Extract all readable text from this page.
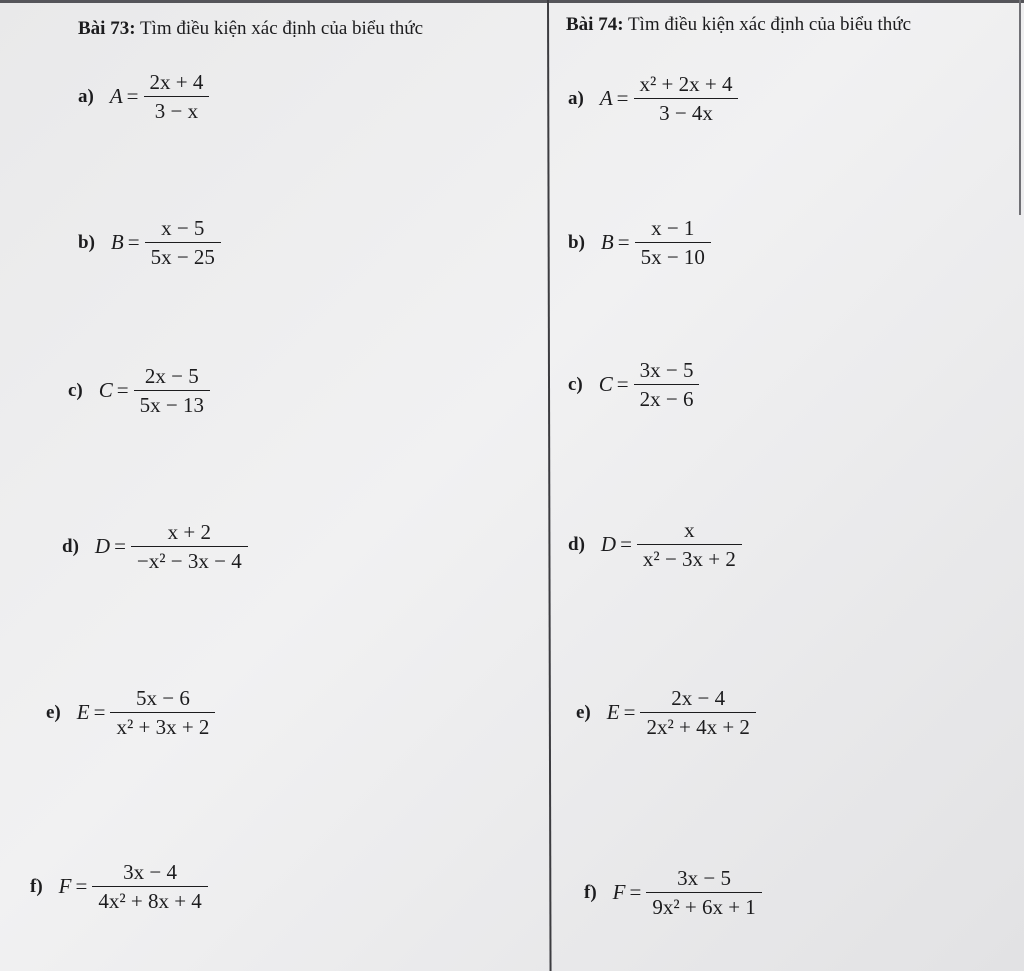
Bài 73: Tìm điều kiện xác định của biểu thức	Bài 74: Tìm điều kiện xác định của biểu thức
a) $A = \frac{2x + 4}{3 - x}$
b) $B = \frac{x - 5}{5x - 25}$
c) $C = \frac{2x - 5}{5x - 13}$
d) $D = \frac{x + 2}{\text{−x² − 3x − 4}}$
e) $E = \frac{5x - 6}{\text{x² + 3x + 2}}$
f) $F = \frac{3x - 4}{\text{4x² + 8x + 4}}$
a) $A = \frac{\text{x² + 2x + 4}}{3 - 4x}$
b) $B = \frac{x - 1}{5x - 10}$
c) $C = \frac{3x - 5}{2x - 6}$
d) $D = \frac{x}{\text{x² − 3x + 2}}$
e) $E = \frac{2x - 4}{\text{2x² + 4x + 2}}$
f) $F = \frac{3x - 5}{\text{9x² + 6x + 1}}$
